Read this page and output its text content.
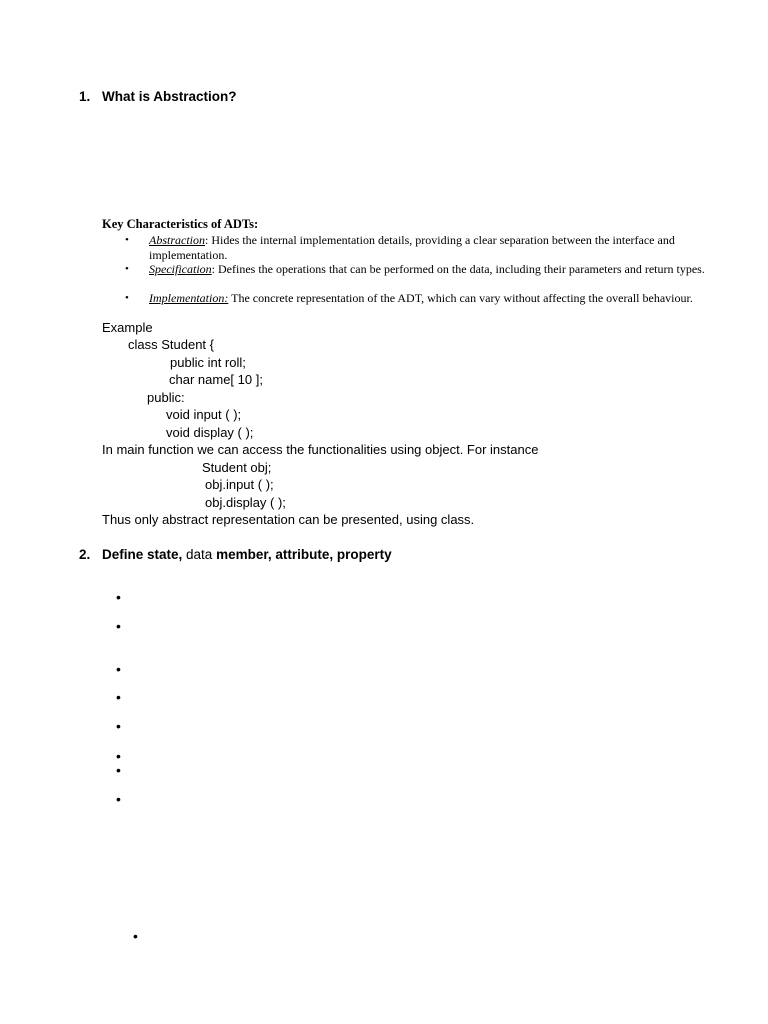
1. What is Abstraction?
Key Characteristics of ADTs:
• Abstraction: Hides the internal implementation details, providing a clear separation between the interface and implementation.
• Specification: Defines the operations that can be performed on the data, including their parameters and return types.
• Implementation: The concrete representation of the ADT, which can vary without affecting the overall behaviour.
Example
class Student {
public int roll;
char name[ 10 ];
public:
void input ( );
void display ( );
In main function we can access the functionalities using object. For instance
Student obj;
obj.input ( );
obj.display ( );
Thus only abstract representation can be presented, using class.
2. Define state, data member, attribute, property
•
•
•
•
•
•
•
•
•
